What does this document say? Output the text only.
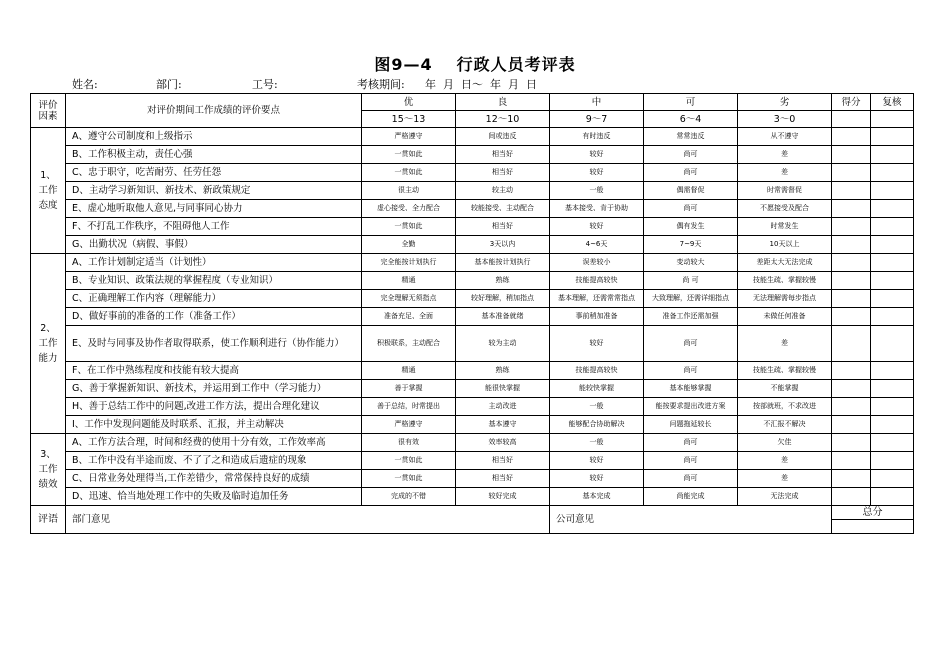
图9—4 行政人员考评表
姓名:	部门:	工号:	考核期间: 年  月  日～  年  月  日
评价
因素	对评价期间工作成绩的评价要点	优	良	中	可	劣	得分	复核
		15～13	12～10	9～7	6～4	3～0		

1、
工作
态度	A、遵守公司制度和上级指示	严格遵守	间或违反	有时违反	常常违反	从不遵守		
	B、工作积极主动，责任心强	一贯如此	相当好	较好	尚可	差		
	C、忠于职守，吃苦耐劳、任劳任怨	一贯如此	相当好	较好	尚可	差		
	D、主动学习新知识、新技术、新政策规定	很主动	较主动	一般	偶需督促	时常需督促		
	E、虚心地听取他人意见,与同事同心协力	虚心接受、全力配合	较能接受、主动配合	基本接受、肯于协助	尚可	不愿接受及配合		
	F、不打乱工作秩序，不阻碍他人工作	一贯如此	相当好	较好	偶有发生	时常发生		
	G、出勤状况（病假、事假）	全勤	3天以内	4~6天	7~9天	10天以上		

2、
工作
能力	A、工作计划制定适当（计划性）	完全能按计划执行	基本能按计划执行	误差较小	变动较大	差距太大无法完成		
	B、专业知识、政策法规的掌握程度（专业知识）	精通	熟练	技能提高较快	尚 可	技能生疏、掌握较慢		
	C、正确理解工作内容（理解能力）	完全理解无须指点	较好理解，稍加指点	基本理解，还需常常指点	大致理解，还需详细指点	无法理解需每步指点		
	D、做好事前的准备的工作（准备工作）	准备充足、全面	基本准备就绪	事前稍加准备	准备工作还需加强	未做任何准备		
	E、及时与同事及协作者取得联系，使工作顺利进行（协作能力）	积极联系，主动配合	较为主动	较好	尚可	差		
	F、在工作中熟练程度和技能有较大提高	精通	熟练	技能提高较快	尚可	技能生疏、掌握较慢		
	G、善于掌握新知识、新技术，并运用到工作中（学习能力）	善于掌握	能很快掌握	能较快掌握	基本能够掌握	不能掌握		
	H、善于总结工作中的问题,改进工作方法，提出合理化建议	善于总结，时常提出	主动改进	一般	能按要求提出改进方案	按部就班，不求改进		
	I、工作中发现问题能及时联系、汇报，并主动解决	严格遵守	基本遵守	能够配合协助解决	问题拖延较长	不汇报不解决		

3、
工作
绩效	A、工作方法合理，时间和经费的使用十分有效，工作效率高	很有效	效率较高	一般	尚可	欠佳		
	B、工作中没有半途而废、不了了之和造成后遗症的现象	一贯如此	相当好	较好	尚可	差		
	C、日常业务处理得当,工作差错少，常常保持良好的成绩	一贯如此	相当好	较好	尚可	差		
	D、迅速、恰当地处理工作中的失败及临时追加任务	完成的不错	较好完成	基本完成	尚能完成	无法完成		
评语	部门意见			公司意见			总分	
